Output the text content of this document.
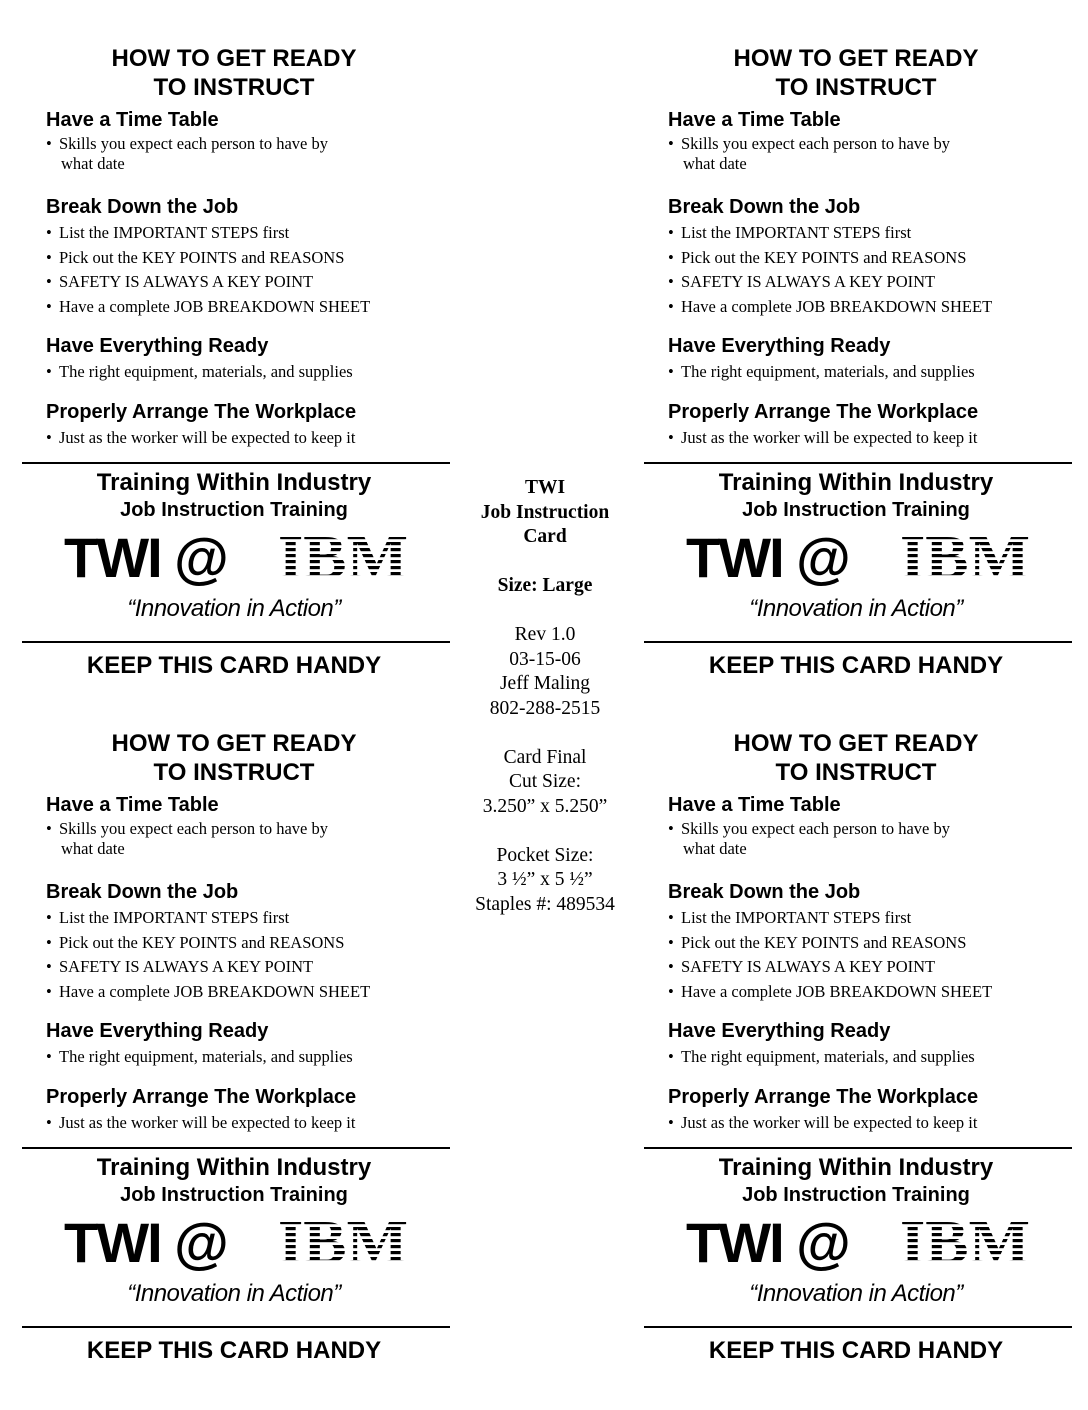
HOW TO GET READY
TO INSTRUCT
Have a Time Table
• Skills you expect each person to have by
what date
Break Down the Job
• List the IMPORTANT STEPS first
• Pick out the KEY POINTS and REASONS
• SAFETY IS ALWAYS A KEY POINT
• Have a complete JOB BREAKDOWN SHEET
Have Everything Ready
• The right equipment, materials, and supplies
Properly Arrange The Workplace
• Just as the worker will be expected to keep it
Training Within Industry
Job Instruction Training
TWI @ IBM
“Innovation in Action”
KEEP THIS CARD HANDY
HOW TO GET READY
TO INSTRUCT
Have a Time Table
• Skills you expect each person to have by
what date
Break Down the Job
• List the IMPORTANT STEPS first
• Pick out the KEY POINTS and REASONS
• SAFETY IS ALWAYS A KEY POINT
• Have a complete JOB BREAKDOWN SHEET
Have Everything Ready
• The right equipment, materials, and supplies
Properly Arrange The Workplace
• Just as the worker will be expected to keep it
Training Within Industry
Job Instruction Training
TWI @ IBM
“Innovation in Action”
KEEP THIS CARD HANDY
HOW TO GET READY
TO INSTRUCT
Have a Time Table
• Skills you expect each person to have by
what date
Break Down the Job
• List the IMPORTANT STEPS first
• Pick out the KEY POINTS and REASONS
• SAFETY IS ALWAYS A KEY POINT
• Have a complete JOB BREAKDOWN SHEET
Have Everything Ready
• The right equipment, materials, and supplies
Properly Arrange The Workplace
• Just as the worker will be expected to keep it
Training Within Industry
Job Instruction Training
TWI @ IBM
“Innovation in Action”
KEEP THIS CARD HANDY
HOW TO GET READY
TO INSTRUCT
Have a Time Table
• Skills you expect each person to have by
what date
Break Down the Job
• List the IMPORTANT STEPS first
• Pick out the KEY POINTS and REASONS
• SAFETY IS ALWAYS A KEY POINT
• Have a complete JOB BREAKDOWN SHEET
Have Everything Ready
• The right equipment, materials, and supplies
Properly Arrange The Workplace
• Just as the worker will be expected to keep it
Training Within Industry
Job Instruction Training
TWI @ IBM
“Innovation in Action”
KEEP THIS CARD HANDY
TWI
Job Instruction
Card
Size: Large
Rev 1.0
03-15-06
Jeff Maling
802-288-2515
Card Final
Cut Size:
3.250” x 5.250”
Pocket Size:
3 ½” x 5 ½”
Staples #: 489534
